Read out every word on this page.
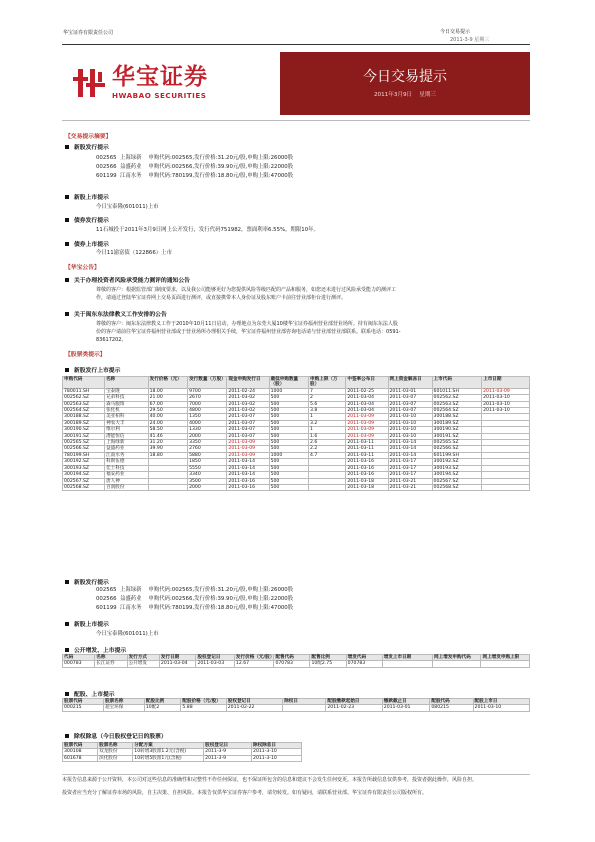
华宝证券有限责任公司	今日交易提示
2011-3-9 星期三
华宝证券
HWABAO SECURITIES
今日交易提示
2011年3月9日    星期三
【交易提示摘要】
新股发行提示
002565  上海绿新    申购代码:002565,发行价格:31.20元/股,申购上限:26000股
002566  益盛药业    申购代码:002566,发行价格:39.90元/股,申购上限:22000股
601199  江南水务    申购代码:780199,发行价格:18.80元/股,申购上限:47000股
新股上市提示
今日宝泰隆(601011)上市
债券发行提示
11石城投于2011年3月9日网上公开发行，发行代码751982，票面利率6.55%，期限10年。
债券上市提示
今日11渝富债（122866）上市
【华宝公告】
关于办理投资者风险承受能力测评的通知公告
尊敬的客户：根据监管部门制度要求，以及我公司能够更好为您提供风险等级匹配的产品和服务，如您还未进行过风险承受能力的测评工
作，请通过登陆华宝证券网上交易页面进行测评，或直接携带本人身份证及股东账户卡前往营业部柜台进行测评。
关于闽东东法律教义工作安排的公告
尊敬的客户：闽东东法律教义工作于2010年10月11日启动，办理地点为东莞大厦10楼华宝证券福州营业部营业场所。持有闽东东法人股
份的客户请前往华宝证券福州营业部或于营业场所办理相关手续，华宝证券福州营业部咨询电话请与营业部营业部联系。联系电话：0591-
83617202。
【股票类提示】
新股发行上市提示
申购代码	名称	发行价格（元）	发行数量（万股）	现金申购发行日	最低申购数量（股）	申购上限（万股）	中签率公布日	网上资金解冻日	上市代码	上市日期
780011.SH	宝泰隆	18.00	9700	2011-02-24	1000	7	2011-02-25	2011-03-01	601011.SH	2011-03-09
002562.SZ	兄弟科技	21.00	2670	2011-03-02	500	2	2011-03-04	2011-03-07	002562.SZ	2011-03-10
002563.SZ	森马服饰	67.00	7000	2011-03-02	500	5.6	2011-03-04	2011-03-07	002563.SZ	2011-03-10
002564.SZ	张化机	29.50	4800	2011-03-02	500	3.8	2011-03-04	2011-03-07	002564.SZ	2011-03-10
300188.SZ	美亚柏科	40.00	1350	2011-03-07	500	1	2011-03-09	2011-03-10	300188.SZ	
300189.SZ	神农大丰	24.00	4000	2011-03-07	500	3.2	2011-03-09	2011-03-10	300189.SZ	
300190.SZ	维尔利	58.50	1330	2011-03-07	500	1	2011-03-09	2011-03-10	300190.SZ	
300191.SZ	潜能恒信	41.46	2000	2011-03-07	500	1.6	2011-03-09	2011-03-10	300191.SZ	
002565.SZ	上海绿新	31.20	3350	2011-03-09	500	2.6	2011-03-11	2011-03-14	002565.SZ	
002566.SZ	益盛药业	39.90	2760	2011-03-09	500	2.2	2011-03-11	2011-03-14	002566.SZ	
780199.SH	江南水务	18.80	5880	2011-03-09	1000	4.7	2011-03-11	2011-03-14	601199.SH	
300192.SZ	科斯伍德		1850	2011-03-14	500		2011-03-16	2011-03-17	300192.SZ	
300193.SZ	佳士科技		5550	2011-03-14	500		2011-03-16	2011-03-17	300193.SZ	
300194.SZ	福安药业		3340	2011-03-14	500		2011-03-16	2011-03-17	300194.SZ	
002567.SZ	唐人神		3500	2011-03-16	500		2011-03-18	2011-03-21	002567.SZ	
002568.SZ	百润股份		2000	2011-03-16	500		2011-03-18	2011-03-21	002568.SZ	
新股发行提示
002565  上海绿新    申购代码:002565,发行价格:31.20元/股,申购上限:26000股
002566  益盛药业    申购代码:002566,发行价格:39.90元/股,申购上限:22000股
601199  江南水务    申购代码:780199,发行价格:18.80元/股,申购上限:47000股
新股上市提示
今日宝泰隆(601011)上市
公开增发、上市提示
代码	名称	发行方式	发行日期	股权登记日	发行价格（元/股）	配售代码	配售比例	增发代码	增发上市日期	网上增发申购代码	网上增发申购上限
000783	长江证券	公开增发	2011-03-04	2011-03-03	12.67	070783	10配2.75	070783			
配股、上市提示
股票代码	股票名称	配股比例	配股价格（元/股）	股权登记日	除权日	配股缴款起始日	缴款截止日	配股代码	配股上市日
000215	超宝环保	10配2	5.88	2011-02-22		2011-02-23	2011-03-01	080215	2011-03-10
除权除息（今日股权登记日的股票）
股票代码	股票名称	分配方案	股权登记日	除权除息日
300108	双龙股份	10转增3股派1.2元(含税)	2011-3-9	2011-3-10
601678	滨化股份	10转增5股派1元(含税)	2011-3-9	2011-3-10
本报告信息来源于公开资料，本公司对这些信息的准确性和完整性不作任何保证，也不保证所包含的信息和建议不会发生任何变更。本报告所载信息仅供参考，投资者据此操作，风险自担。
投资者应当充分了解证券市场的风险，自主决策、自担风险。本报告仅供华宝证券客户参考，请勿转发。如有疑问，请联系营业部。华宝证券有限责任公司版权所有。
